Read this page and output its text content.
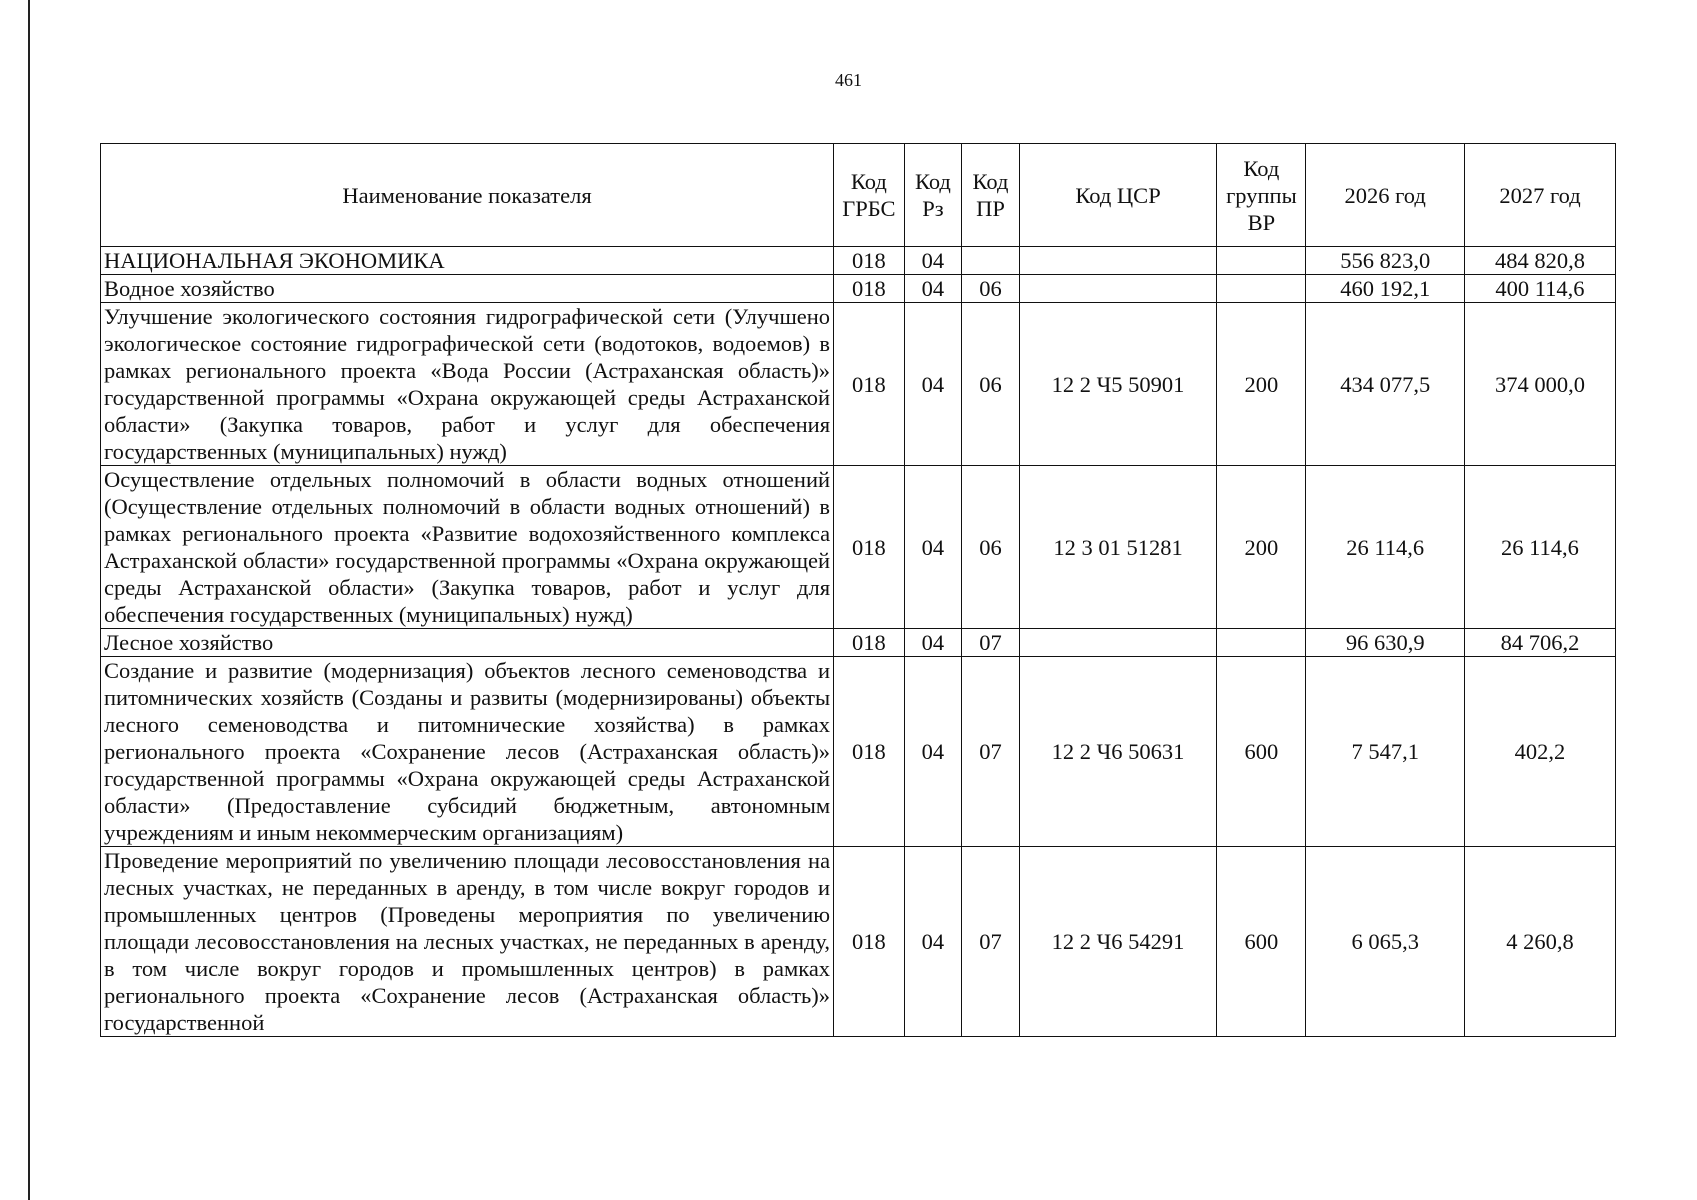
461
Наименование показателя	Код ГРБС	Код Рз	Код ПР	Код ЦСР	Код группы ВР	2026 год	2027 год
НАЦИОНАЛЬНАЯ ЭКОНОМИКА	018	04				556 823,0	484 820,8
Водное хозяйство	018	04	06			460 192,1	400 114,6
Улучшение экологического состояния гидрографической сети (Улучшено экологическое состояние гидрографической сети (водотоков, водоемов) в рамках регионального проекта «Вода России (Астраханская область)» государственной программы «Охрана окружающей среды Астраханской области» (Закупка товаров, работ и услуг для обеспечения государственных (муниципальных) нужд)	018	04	06	12 2 Ч5 50901	200	434 077,5	374 000,0
Осуществление отдельных полномочий в области водных отношений (Осуществление отдельных полномочий в области водных отношений) в рамках регионального проекта «Развитие водохозяйственного комплекса Астраханской области» государственной программы «Охрана окружающей среды Астраханской области» (Закупка товаров, работ и услуг для обеспечения государственных (муниципальных) нужд)	018	04	06	12 3 01 51281	200	26 114,6	26 114,6
Лесное хозяйство	018	04	07			96 630,9	84 706,2
Создание и развитие (модернизация) объектов лесного семеноводства и питомнических хозяйств (Созданы и развиты (модернизированы) объекты лесного семеноводства и питомнические хозяйства) в рамках регионального проекта «Сохранение лесов (Астраханская область)» государственной программы «Охрана окружающей среды Астраханской области» (Предоставление субсидий бюджетным, автономным учреждениям и иным некоммерческим организациям)	018	04	07	12 2 Ч6 50631	600	7 547,1	402,2
Проведение мероприятий по увеличению площади лесовосстановления на лесных участках, не переданных в аренду, в том числе вокруг городов и промышленных центров (Проведены мероприятия по увеличению площади лесовосстановления на лесных участках, не переданных в аренду, в том числе вокруг городов и промышленных центров) в рамках регионального проекта «Сохранение лесов (Астраханская область)» государственной	018	04	07	12 2 Ч6 54291	600	6 065,3	4 260,8
